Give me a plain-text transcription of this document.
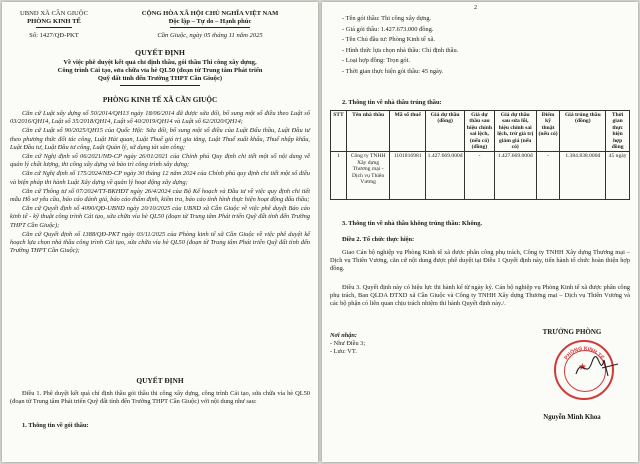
UBND XÃ CẦN GIUỘC
PHÒNG KINH TẾ
Số: 1427/QĐ-PKT
CỘNG HÒA XÃ HỘI CHỦ NGHĨA VIỆT NAM
Độc lập – Tự do – Hạnh phúc
Cần Giuộc, ngày 05 tháng 11 năm 2025
QUYẾT ĐỊNH
Về việc phê duyệt kết quả chỉ định thầu, gói thầu Thi công xây dựng,
Công trình Cải tạo, sửa chữa vỉa hè QL50 (đoạn từ Trung tâm Phát triển
Quỹ đất tỉnh đến Trường THPT Cần Giuộc)
PHÒNG KINH TẾ XÃ CẦN GIUỘC

Căn cứ Luật xây dựng số 50/2014/QH13 ngày 18/06/2014 đã được sửa đổi, bổ sung một số điều theo Luật số 03/2016/QH14, Luật số 35/2018/QH14, Luật số 40/2019/QH14 và Luật số 62/2020/QH14;

Căn cứ Luật số 90/2025/QH15 của Quốc Hội: Sửa đổi, bổ sung một số điều của Luật Đấu thầu, Luật Đầu tư theo phương thức đối tác công, Luật Hải quan, Luật Thuế giá trị gia tăng, Luật Thuế xuất khẩu, Thuế nhập khẩu, Luật Đầu tư, Luật Đầu tư công, Luật Quản lý, sử dụng tài sản công;

Căn cứ Nghị định số 06/2021/NĐ-CP ngày 26/01/2021 của Chính phủ Quy định chi tiết một số nội dung về quản lý chất lượng, thi công xây dựng và bảo trì công trình xây dựng;

Căn cứ Nghị định số 175/2024/NĐ-CP ngày 30 tháng 12 năm 2024 của Chính phủ quy định chi tiết một số điều và biện pháp thi hành Luật Xây dựng về quản lý hoạt động xây dựng;

Căn cứ Thông tư số 07/2024/TT-BKHĐT ngày 26/4/2024 của Bộ Kế hoạch và Đầu tư về việc quy định chi tiết mẫu Hồ sơ yêu cầu, báo cáo đánh giá, báo cáo thẩm định, kiểm tra, báo cáo tình hình thực hiện hoạt động đấu thầu;

Căn cứ Quyết định số 4090/QĐ-UBND ngày 20/10/2025 của UBND xã Cần Giuộc về việc phê duyệt Báo cáo kinh tế - kỹ thuật công trình Cải tạo, sửa chữa vỉa hè QL50 (đoạn từ Trung tâm Phát triển Quỹ đất tỉnh đến Trường THPT Cần Giuộc);

Căn cứ Quyết định số 1388/QĐ-PKT ngày 03/11/2025 của Phòng kinh tế xã Cần Giuộc về việc phê duyệt kế hoạch lựa chọn nhà thầu công trình Cải tạo, sửa chữa vỉa hè QL50 (đoạn từ Trung tâm Phát triển Quỹ đất tỉnh đến Trường THPT Cần Giuộc);

QUYẾT ĐỊNH
Điều 1. Phê duyệt kết quả chỉ định thầu gói thầu thi công xây dựng, công trình Cải tạo, sửa chữa vỉa hè QL50 (đoạn từ Trung tâm Phát triển Quỹ đất tỉnh đến Trường THPT Cần Giuộc) với nội dung như sau:
1. Thông tin về gói thầu:
2
- Tên gói thầu: Thi công xây dựng.
- Giá gói thầu: 1.427.673.000 đồng.
- Tên Chủ đầu tư: Phòng Kinh tế xã.
- Hình thức lựa chọn nhà thầu: Chỉ định thầu.
- Loại hợp đồng: Trọn gói.
- Thời gian thực hiện gói thầu: 45 ngày.
2. Thông tin về nhà thầu trúng thầu:
STT	Tên nhà thầu	Mã số thuế	Giá dự thầu (đồng)	Giá dự thầu sau hiệu chỉnh sai lệch, (nếu có) (đồng)	Giá dự thầu sau sửa lỗi, hiệu chỉnh sai lệch, trừ giá trị giảm giá (nếu có)	Điểm kỹ thuật (nếu có)	Giá trúng thầu (đồng)	Thời gian thực hiện hợp đồng
1	Công ty TNHH Xây dựng Thương mại - Dịch vụ Thiên Vương	1101816981	1.427.669.000đ	-	1.427.669.000đ	-	1.384.838.000đ	45 ngày
3. Thông tin về nhà thầu không trúng thầu: Không.
Điều 2. Tổ chức thực hiện:
Giao Cán bộ nghiệp vụ Phòng Kinh tế xã được phân công phụ trách, Công ty TNHH Xây dựng Thương mại – Dịch vụ Thiên Vương, căn cứ nội dung được phê duyệt tại Điều 1 Quyết định này, tiến hành tổ chức hoàn thiện hợp đồng.
Điều 3. Quyết định này có hiệu lực thi hành kể từ ngày ký. Cán bộ nghiệp vụ Phòng Kinh tế xã được phân công phụ trách, Ban QLDA ĐTXD xã Cần Giuộc và Công ty TNHH Xây dựng Thương mại – Dịch vụ Thiên Vương và các bộ phận có liên quan chịu trách nhiệm thi hành Quyết định này./.
Nơi nhận:
- Như Điều 3;
- Lưu: VT.
TRƯỞNG PHÒNG
★
PHÒNG KINH TẾ
Nguyễn Minh Khoa
